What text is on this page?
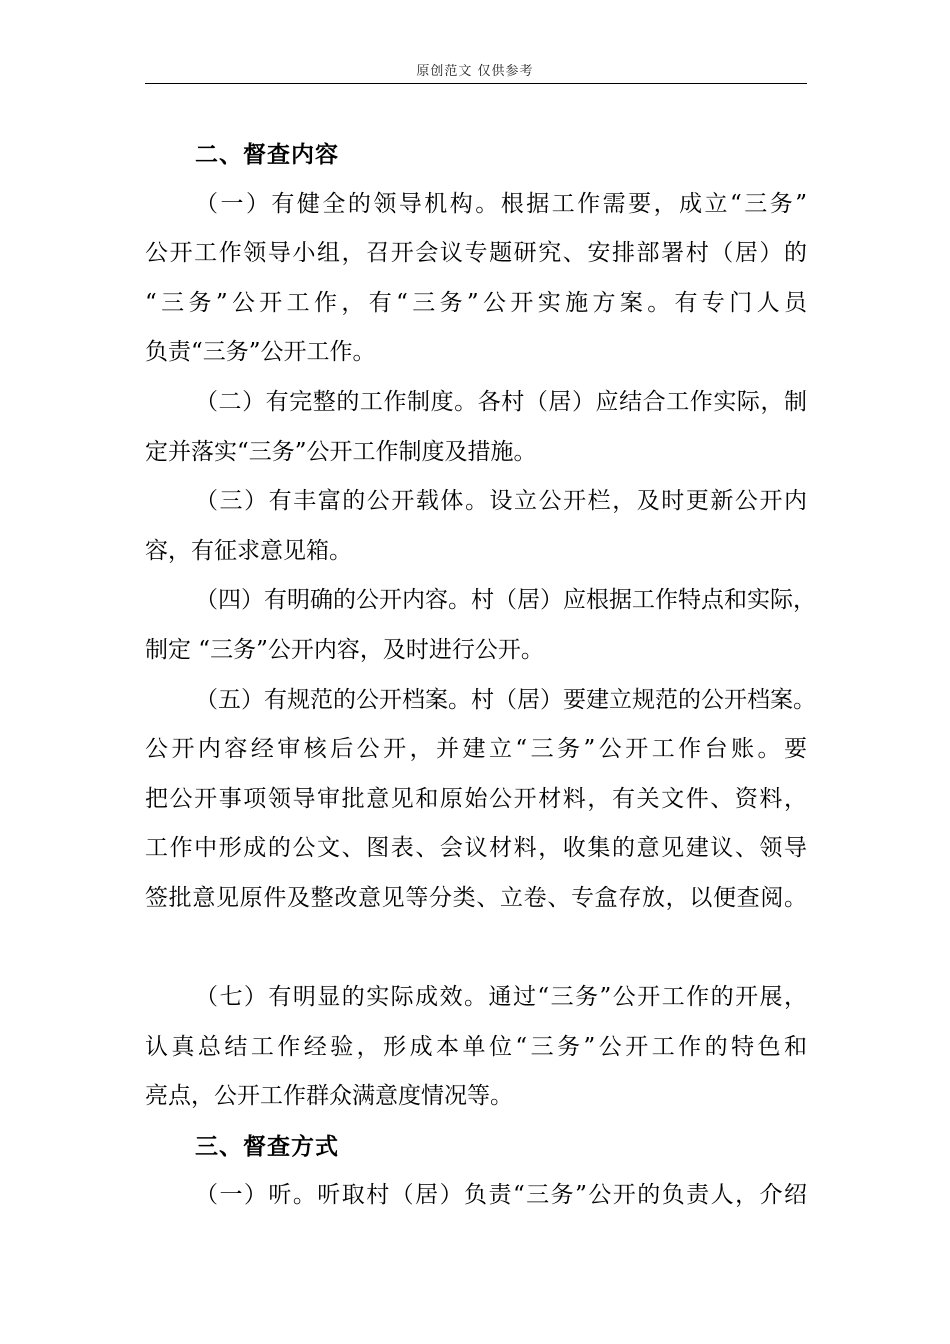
原创范文 仅供参考
二、督查内容
（一）有健全的领导机构。根据工作需要，成立“三务”
公开工作领导小组，召开会议专题研究、安排部署村（居）的
“三务”公开工作，有“三务”公开实施方案。有专门人员
负责“三务”公开工作。
（二）有完整的工作制度。各村（居）应结合工作实际，制
定并落实“三务”公开工作制度及措施。
（三）有丰富的公开载体。设立公开栏，及时更新公开内
容，有征求意见箱。
（四）有明确的公开内容。村（居）应根据工作特点和实际，
制定 “三务”公开内容，及时进行公开。
（五）有规范的公开档案。村（居）要建立规范的公开档案。
公开内容经审核后公开，并建立“三务”公开工作台账。要
把公开事项领导审批意见和原始公开材料，有关文件、资料，
工作中形成的公文、图表、会议材料，收集的意见建议、领导
签批意见原件及整改意见等分类、立卷、专盒存放，以便查阅。
（七）有明显的实际成效。通过“三务”公开工作的开展，
认真总结工作经验，形成本单位“三务”公开工作的特色和
亮点，公开工作群众满意度情况等。
三、督查方式
（一）听。听取村（居）负责“三务”公开的负责人，介绍
